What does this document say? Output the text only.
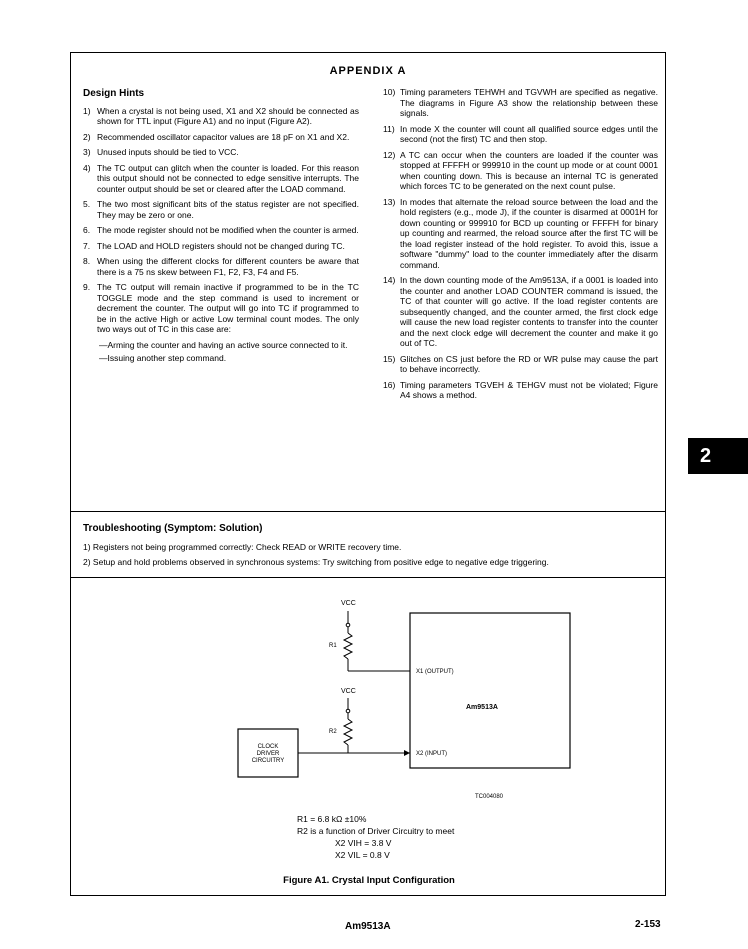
APPENDIX A
Design Hints
1) When a crystal is not being used, X1 and X2 should be connected as shown for TTL input (Figure A1) and no input (Figure A2).
2) Recommended oscillator capacitor values are 18 pF on X1 and X2.
3) Unused inputs should be tied to VCC.
4) The TC output can glitch when the counter is loaded. For this reason this output should not be connected to edge sensitive interrupts. The counter output should be set or cleared after the LOAD command.
5. The two most significant bits of the status register are not specified. They may be zero or one.
6. The mode register should not be modified when the counter is armed.
7. The LOAD and HOLD registers should not be changed during TC.
8. When using the different clocks for different counters be aware that there is a 75 ns skew between F1, F2, F3, F4 and F5.
9. The TC output will remain inactive if programmed to be in the TC TOGGLE mode and the step command is used to increment or decrement the counter. The output will go into TC if programmed to be in the active High or active Low terminal count modes. The only two ways out of TC in this case are:
—Arming the counter and having an active source connected to it.
—Issuing another step command.
10) Timing parameters TEHWH and TGVWH are specified as negative. The diagrams in Figure A3 show the relationship between these signals.
11) In mode X the counter will count all qualified source edges until the second (not the first) TC and then stop.
12) A TC can occur when the counters are loaded if the counter was stopped at FFFFH or 999910 in the count up mode or at count 0001 when counting down. This is because an internal TC is generated which forces TC to be generated on the next count pulse.
13) In modes that alternate the reload source between the load and the hold registers (e.g., mode J), if the counter is disarmed at 0001H for down counting or 999910 for BCD up counting or FFFFH for binary up counting and rearmed, the reload source after the first TC will be the load register instead of the hold register. To avoid this, issue a software "dummy" load to the counter immediately after the disarm command.
14) In the down counting mode of the Am9513A, if a 0001 is loaded into the counter and another LOAD COUNTER command is issued, the TC of that counter will go active. If the load register contents are subsequently changed, and the counter armed, the first clock edge will cause the new load register contents to transfer into the counter and the next clock edge will decrement the counter and make it go out of TC.
15) Glitches on CS just before the RD or WR pulse may cause the part to behave incorrectly.
16) Timing parameters TGVEH & TEHGV must not be violated; Figure A4 shows a method.
Troubleshooting (Symptom: Solution)
1) Registers not being programmed correctly: Check READ or WRITE recovery time.
2) Setup and hold problems observed in synchronous systems: Try switching from positive edge to negative edge triggering.
Am9513A
VCC
R1
X1 (OUTPUT)
VCC
R2
X2 (INPUT)
CLOCK
DRIVER
CIRCUITRY
TC004080
R1 = 6.8 kΩ ±10%
R2 is a function of Driver Circuitry to meet
X2 VIH = 3.8 V
X2 VIL = 0.8 V
Figure A1. Crystal Input Configuration
2
Am9513A	2-153
